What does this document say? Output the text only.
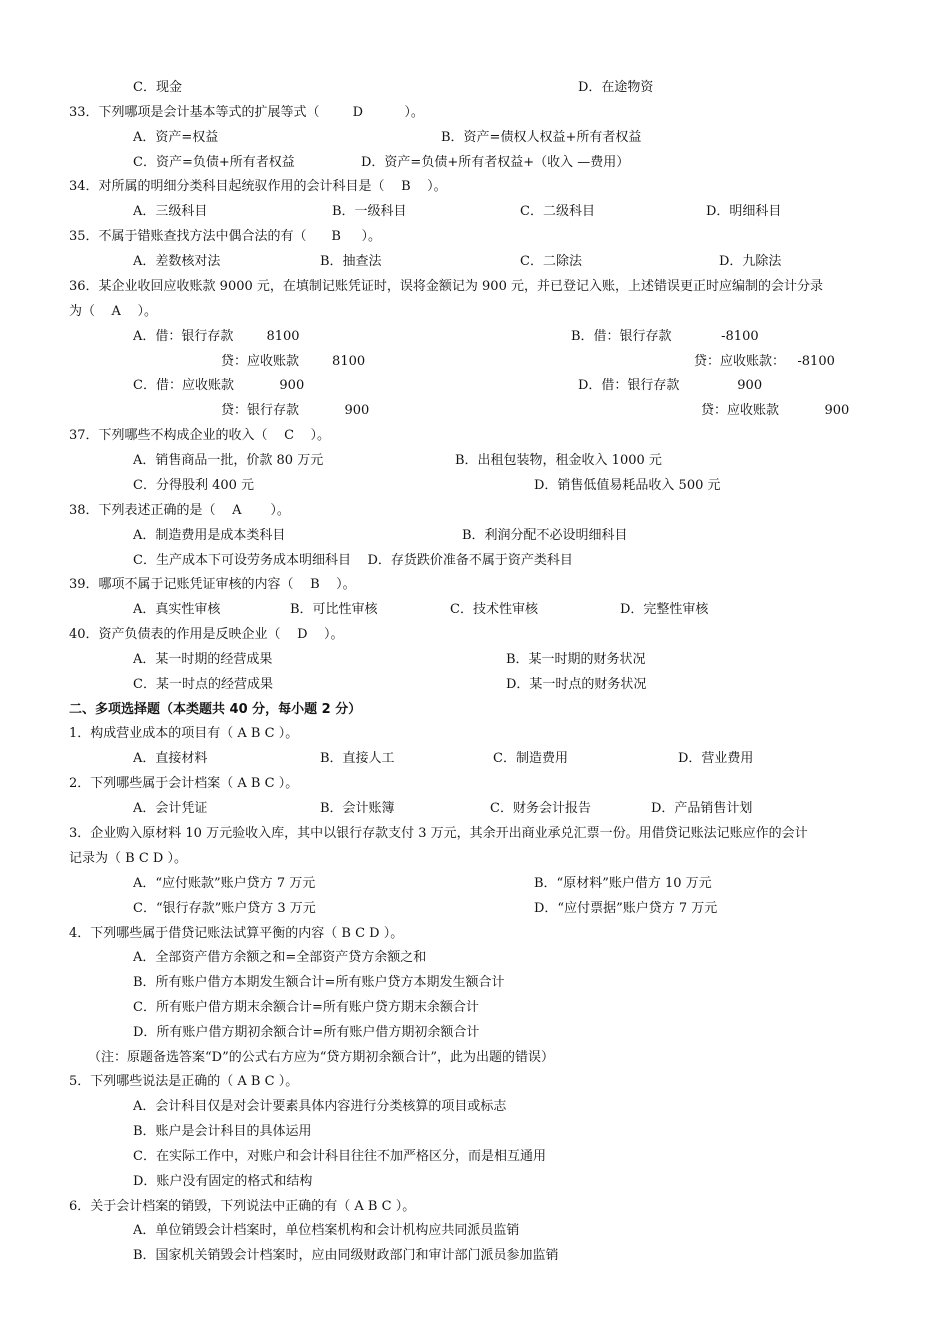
C．现金	D．在途物资
33．下列哪项是会计基本等式的扩展等式（        D          ）。
A．资产=权益	B．资产=债权人权益+所有者权益
C．资产=负债+所有者权益	D．资产=负债+所有者权益+（收入 —费用）
34．对所属的明细分类科目起统驭作用的会计科目是（    B    ）。
A．三级科目	B．一级科目	C．二级科目	D．明细科目
35．不属于错账查找方法中偶合法的有（      B     ）。
A．差数核对法	B．抽查法	C．二除法	D．九除法
36．某企业收回应收账款 9000 元，在填制记账凭证时，误将金额记为 900 元，并已登记入账，上述错误更正时应编制的会计分录
为（    A    ）。
A．借：银行存款        8100	B．借：银行存款            -8100
贷：应收账款        8100	贷：应收账款：   -8100
C．借：应收账款           900	D．借：银行存款              900
贷：银行存款           900	贷：应收账款           900
37．下列哪些不构成企业的收入（    C    ）。
A．销售商品一批，价款 80 万元	B．出租包装物，租金收入 1000 元
C．分得股利 400 元	D．销售低值易耗品收入 500 元
38．下列表述正确的是（    A       ）。
A．制造费用是成本类科目	B．利润分配不必设明细科目
C．生产成本下可设劳务成本明细科目    D．存货跌价准备不属于资产类科目
39．哪项不属于记账凭证审核的内容（    B    ）。
A．真实性审核	B．可比性审核	C．技术性审核	D．完整性审核
40．资产负债表的作用是反映企业（    D    ）。
A．某一时期的经营成果	B．某一时期的财务状况
C．某一时点的经营成果	D．某一时点的财务状况
二、多项选择题（本类题共 40 分，每小题 2 分）
1．构成营业成本的项目有（ A B C ）。
A．直接材料	B．直接人工	C．制造费用	D．营业费用
2．下列哪些属于会计档案（ A B C ）。
A．会计凭证	B．会计账簿	C．财务会计报告	D．产品销售计划
3．企业购入原材料 10 万元验收入库，其中以银行存款支付 3 万元，其余开出商业承兑汇票一份。用借贷记账法记账应作的会计
记录为（ B C D ）。
A．“应付账款”账户贷方 7 万元	B．“原材料”账户借方 10 万元
C．“银行存款”账户贷方 3 万元	D．“应付票据”账户贷方 7 万元
4．下列哪些属于借贷记账法试算平衡的内容（ B C D ）。
A．全部资产借方余额之和=全部资产贷方余额之和
B．所有账户借方本期发生额合计=所有账户贷方本期发生额合计
C．所有账户借方期末余额合计=所有账户贷方期末余额合计
D．所有账户借方期初余额合计=所有账户借方期初余额合计
（注：原题备选答案“D”的公式右方应为“贷方期初余额合计”，此为出题的错误）
5．下列哪些说法是正确的（ A B C ）。
A．会计科目仅是对会计要素具体内容进行分类核算的项目或标志
B．账户是会计科目的具体运用
C．在实际工作中，对账户和会计科目往往不加严格区分，而是相互通用
D．账户没有固定的格式和结构
6．关于会计档案的销毁，下列说法中正确的有（ A B C ）。
A．单位销毁会计档案时，单位档案机构和会计机构应共同派员监销
B．国家机关销毁会计档案时，应由同级财政部门和审计部门派员参加监销
